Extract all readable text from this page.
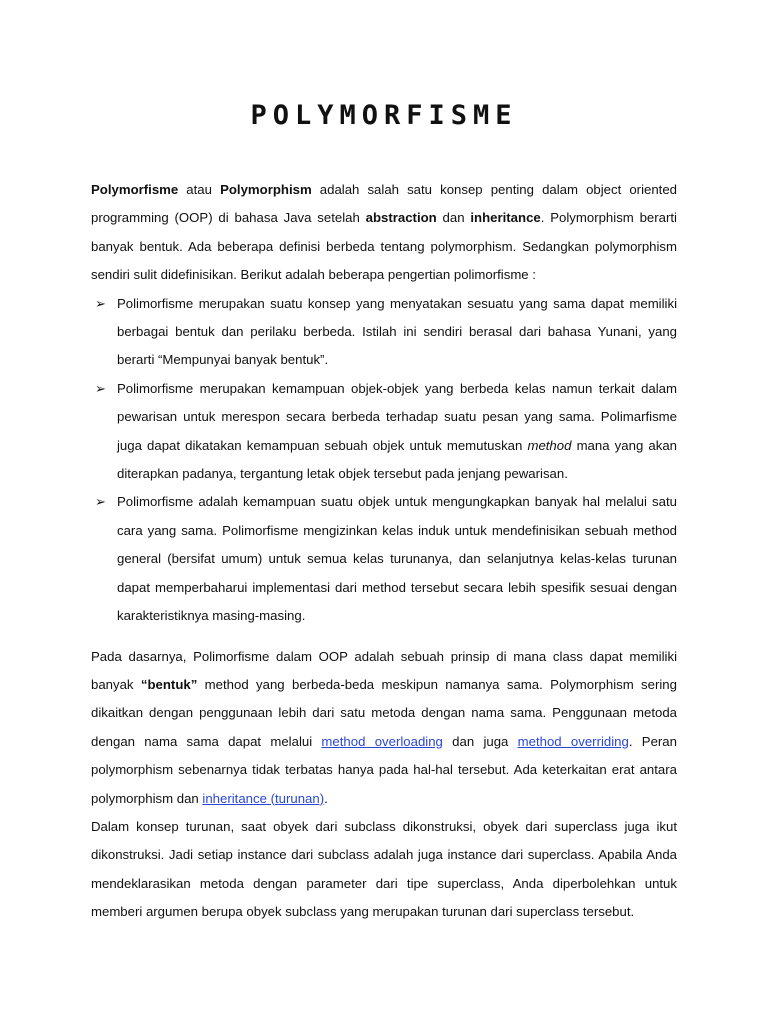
POLYMORFISME

Polymorfisme atau Polymorphism adalah salah satu konsep penting dalam object oriented programming (OOP) di bahasa Java setelah abstraction dan inheritance. Polymorphism berarti banyak bentuk. Ada beberapa definisi berbeda tentang polymorphism. Sedangkan polymorphism sendiri sulit didefinisikan. Berikut adalah beberapa pengertian polimorfisme :

➢ Polimorfisme merupakan suatu konsep yang menyatakan sesuatu yang sama dapat memiliki berbagai bentuk dan perilaku berbeda. Istilah ini sendiri berasal dari bahasa Yunani, yang berarti “Mempunyai banyak bentuk”.
➢ Polimorfisme merupakan kemampuan objek-objek yang berbeda kelas namun terkait dalam pewarisan untuk merespon secara berbeda terhadap suatu pesan yang sama. Polimarfisme juga dapat dikatakan kemampuan sebuah objek untuk memutuskan method mana yang akan diterapkan padanya, tergantung letak objek tersebut pada jenjang pewarisan.
➢ Polimorfisme adalah kemampuan suatu objek untuk mengungkapkan banyak hal melalui satu cara yang sama. Polimorfisme mengizinkan kelas induk untuk mendefinisikan sebuah method general (bersifat umum) untuk semua kelas turunanya, dan selanjutnya kelas-kelas turunan dapat memperbaharui implementasi dari method tersebut secara lebih spesifik sesuai dengan karakteristiknya masing-masing.

Pada dasarnya, Polimorfisme dalam OOP adalah sebuah prinsip di mana class dapat memiliki banyak “bentuk” method yang berbeda-beda meskipun namanya sama. Polymorphism sering dikaitkan dengan penggunaan lebih dari satu metoda dengan nama sama. Penggunaan metoda dengan nama sama dapat melalui method overloading dan juga method overriding. Peran polymorphism sebenarnya tidak terbatas hanya pada hal-hal tersebut. Ada keterkaitan erat antara polymorphism dan inheritance (turunan).

Dalam konsep turunan, saat obyek dari subclass dikonstruksi, obyek dari superclass juga ikut dikonstruksi. Jadi setiap instance dari subclass adalah juga instance dari superclass. Apabila Anda mendeklarasikan metoda dengan parameter dari tipe superclass, Anda diperbolehkan untuk memberi argumen berupa obyek subclass yang merupakan turunan dari superclass tersebut.
